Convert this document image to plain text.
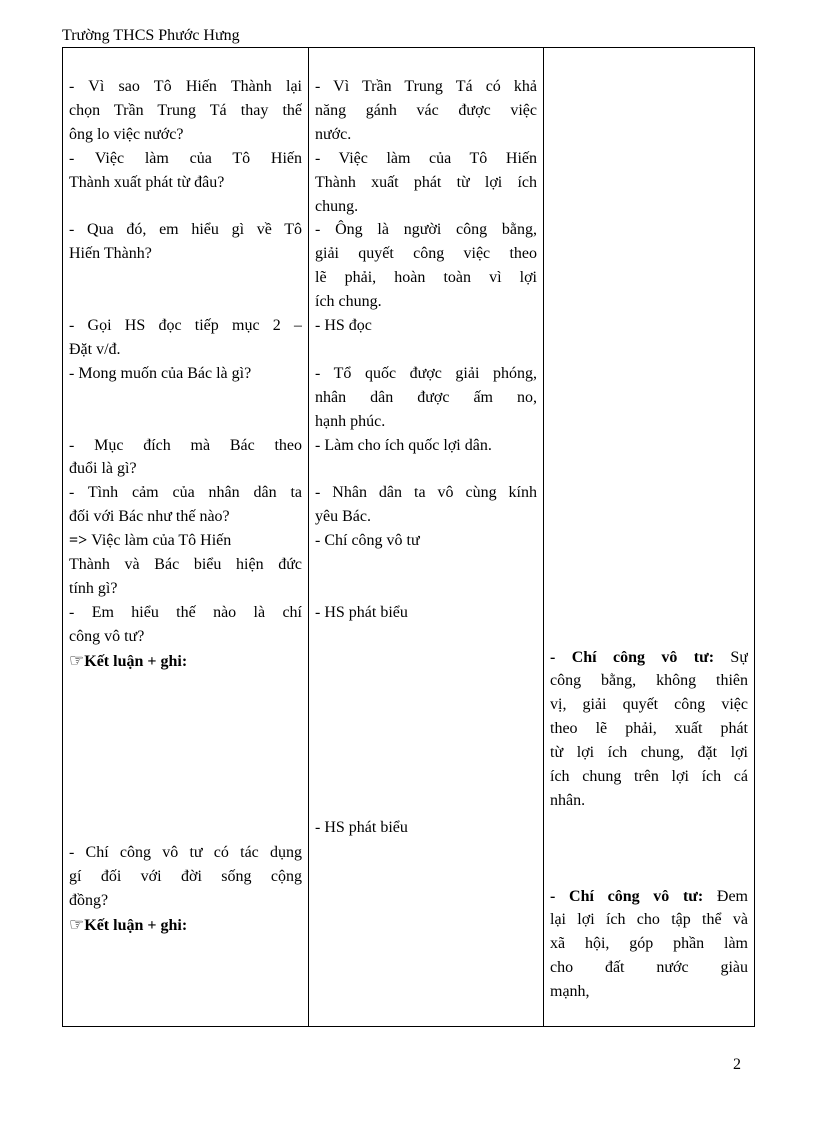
Trường THCS Phước Hưng
- Vì sao Tô Hiến Thành lại
chọn Trần Trung Tá thay thế
ông lo việc nước?
- Việc làm của Tô Hiến
Thành xuất phát từ đâu?
- Qua đó, em hiểu gì về Tô
Hiến Thành?
- Gọi HS đọc tiếp mục 2 –
Đặt v/đ.
- Mong muốn của Bác là gì?
- Mục đích mà Bác theo
đuổi là gì?
- Tình cảm của nhân dân ta
đối với Bác như thế nào?
=> Việc làm của Tô Hiến
Thành và Bác biểu hiện đức
tính gì?
- Em hiểu thế nào là chí
công vô tư?
☞Kết luận + ghi:
- Chí công vô tư có tác dụng
gí đối với đời sống cộng
đồng?
☞Kết luận + ghi:

- Vì Trần Trung Tá có khả
năng gánh vác được việc
nước.
- Việc làm của Tô Hiến
Thành xuất phát từ lợi ích
chung.
- Ông là người công bằng,
giải quyết công việc theo
lẽ phải, hoàn toàn vì lợi
ích chung.
- HS đọc
- Tổ quốc được giải phóng,
nhân dân được ấm no,
hạnh phúc.
- Làm cho ích quốc lợi dân.
- Nhân dân ta vô cùng kính
yêu Bác.
- Chí công vô tư
- HS phát biểu
- HS phát biểu

- Chí công vô tư: Sự
công bằng, không thiên
vị, giải quyết công việc
theo lẽ phải, xuất phát
từ lợi ích chung, đặt lợi
ích chung trên lợi ích cá
nhân.
- Chí công vô tư: Đem
lại lợi ích cho tập thể và
xã hội, góp phần làm
cho đất nước giàu
mạnh,
2
